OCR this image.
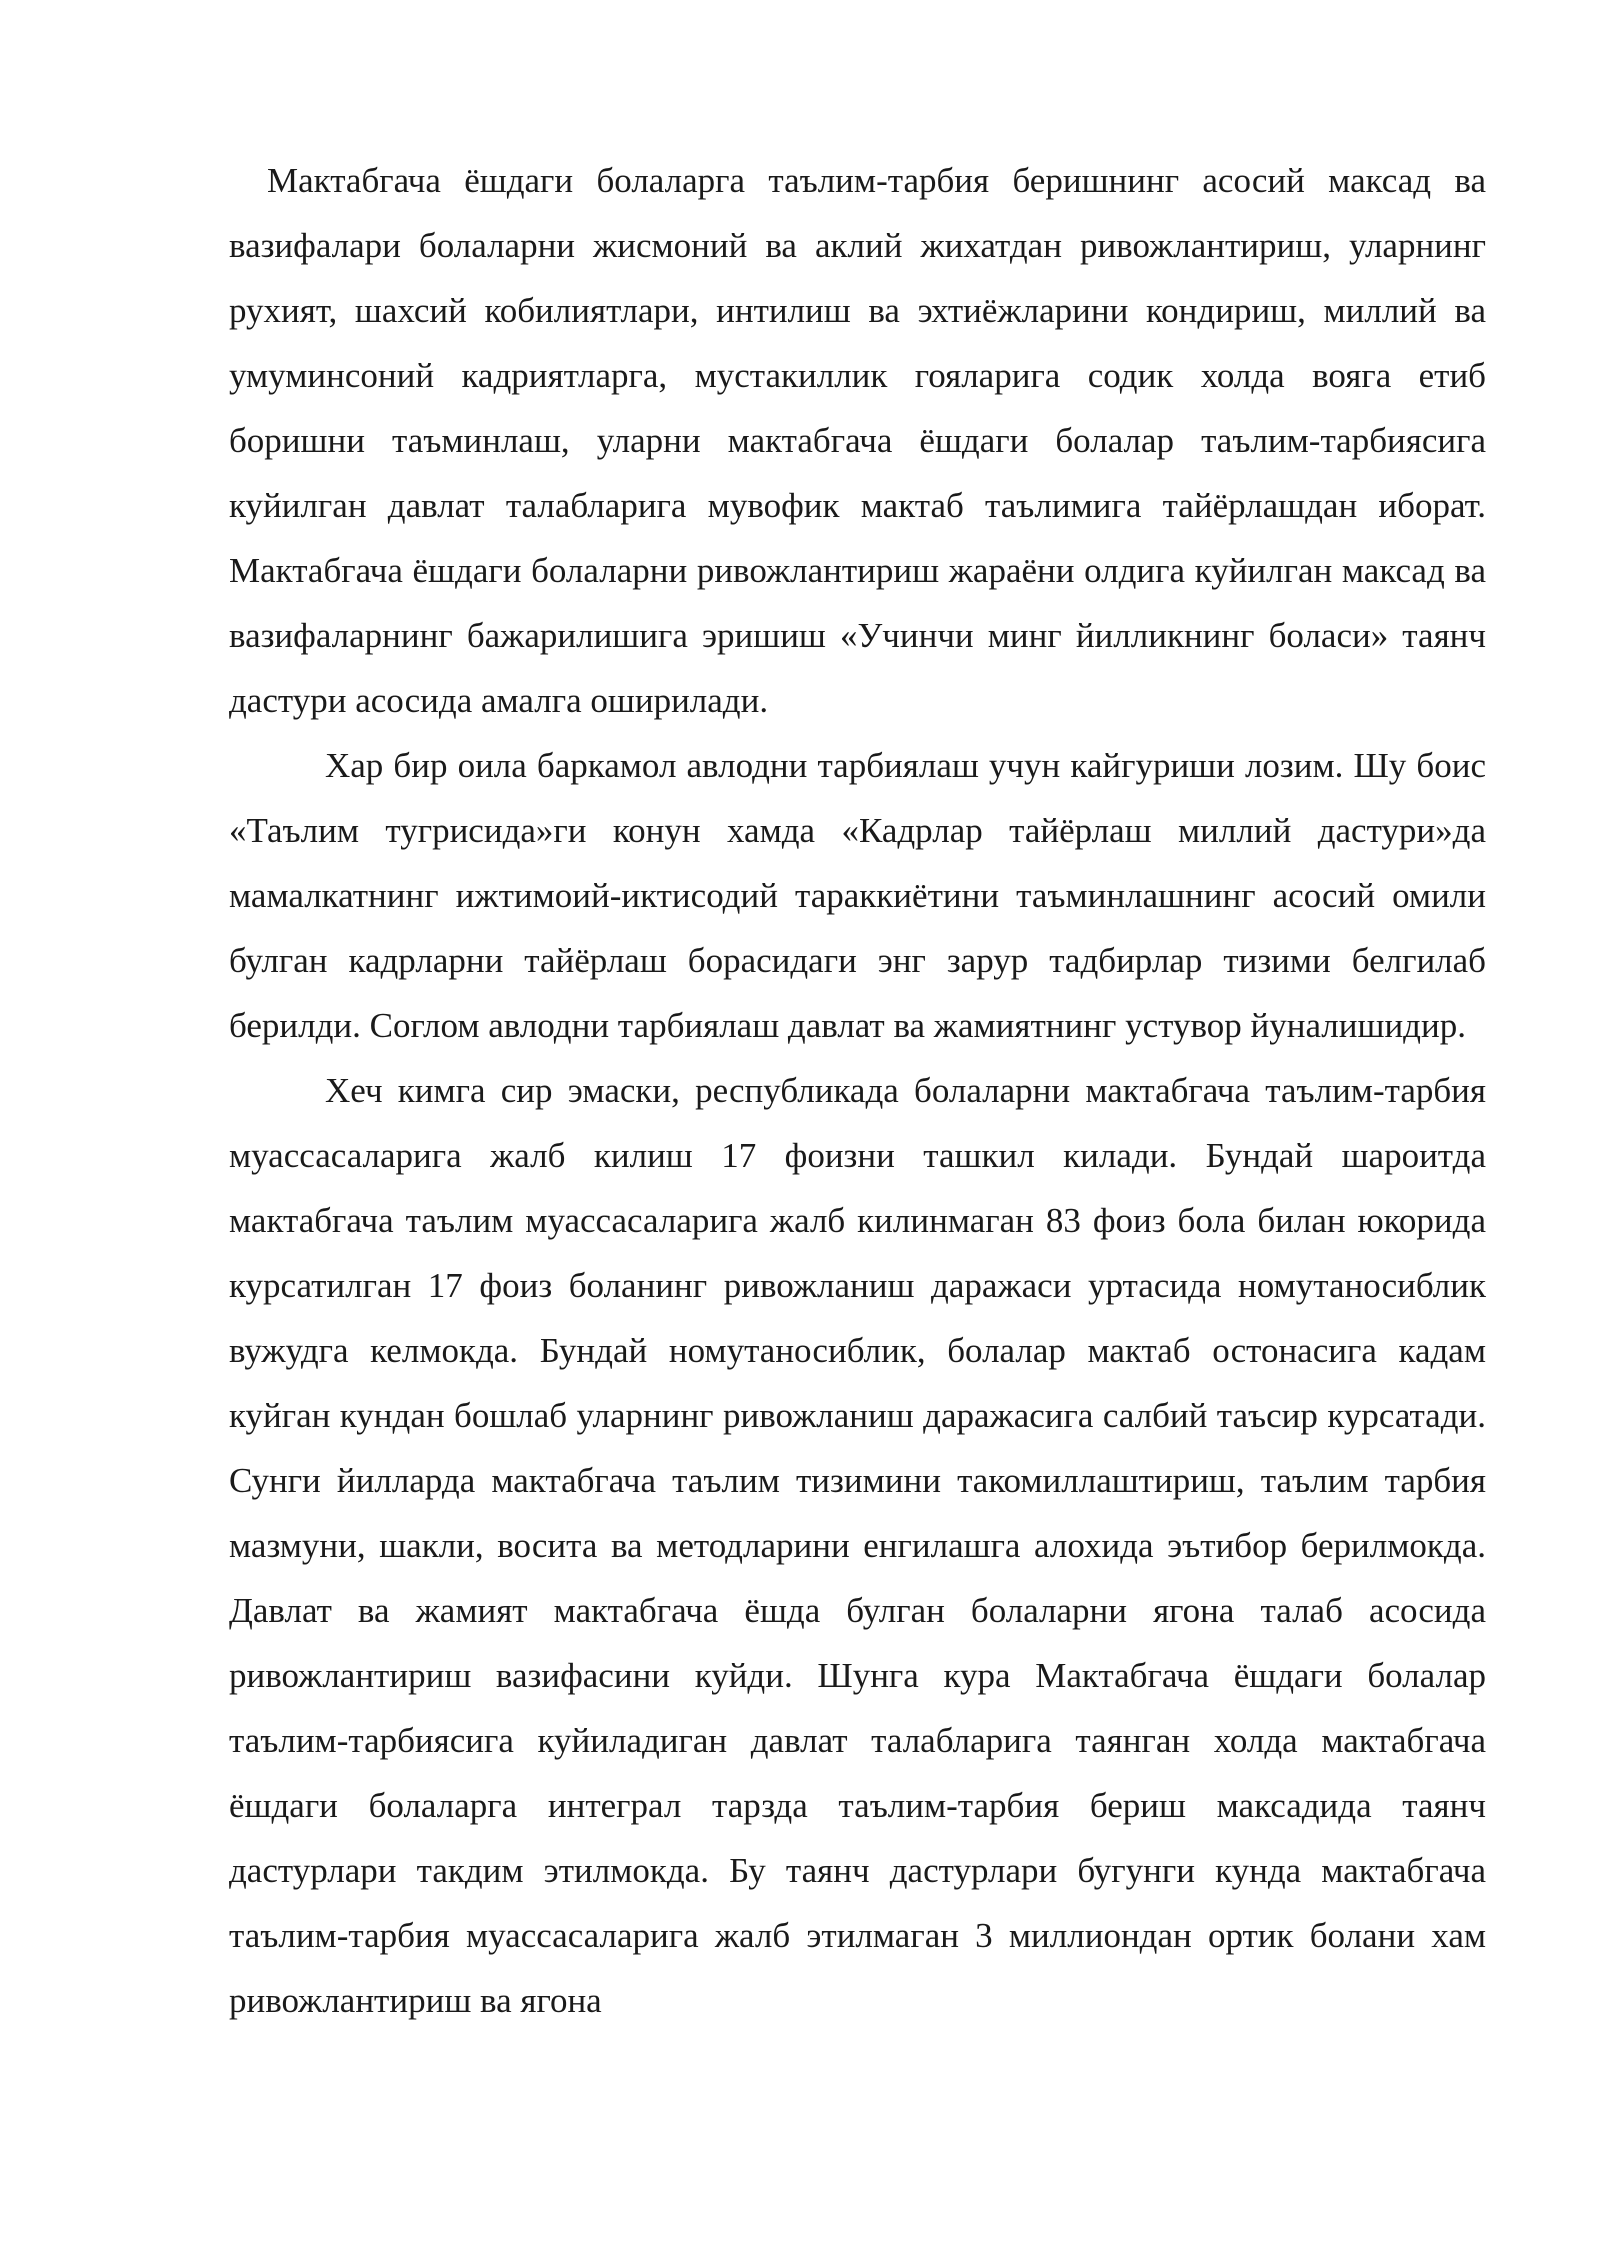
Мактабгача ёшдаги болаларга таълим-тарбия беришнинг асосий максад ва вазифалари болаларни жисмоний ва аклий жихатдан ривожлантириш, уларнинг рухият, шахсий кобилиятлари, интилиш ва эхтиёжларини кондириш, миллий ва умуминсоний кадриятларга, мустакиллик гояларига содик холда вояга етиб боришни таъминлаш, уларни мактабгача ёшдаги болалар таълим-тарбиясига куйилган давлат талабларига мувофик мактаб таълимига тайёрлашдан иборат. Мактабгача ёшдаги болаларни ривожлантириш жараёни олдига куйилган максад ва вазифаларнинг бажарилишига эришиш «Учинчи минг йилликнинг боласи» таянч дастури асосида амалга оширилади.

Хар бир оила баркамол авлодни тарбиялаш учун кайгуриши лозим. Шу боис «Таълим тугрисида»ги конун хамда «Кадрлар тайёрлаш миллий дастури»да мамалкатнинг ижтимоий-иктисодий тараккиётини таъминлашнинг асосий омили булган кадрларни тайёрлаш борасидаги энг зарур тадбирлар тизими белгилаб берилди. Соглом авлодни тарбиялаш давлат ва жамиятнинг устувор йуналишидир.

Хеч кимга сир эмаски, республикада болаларни мактабгача таълим-тарбия муассасаларига жалб килиш 17 фоизни ташкил килади. Бундай шароитда мактабгача таълим муассасаларига жалб килинмаган 83 фоиз бола билан юкорида курсатилган 17 фоиз боланинг ривожланиш даражаси уртасида номутаносиблик вужудга келмокда. Бундай номутаносиблик, болалар мактаб остонасига кадам куйган кундан бошлаб уларнинг ривожланиш даражасига салбий таъсир курсатади. Сунги йилларда мактабгача таълим тизимини такомиллаштириш, таълим тарбия мазмуни, шакли, восита ва методларини енгилашга алохида эътибор берилмокда. Давлат ва жамият мактабгача ёшда булган болаларни ягона талаб асосида ривожлантириш вазифасини куйди. Шунга кура Мактабгача ёшдаги болалар таълим-тарбиясига куйиладиган давлат талабларига таянган холда мактабгача ёшдаги болаларга интеграл тарзда таълим-тарбия бериш максадида таянч дастурлари такдим этилмокда. Бу таянч дастурлари бугунги кунда мактабгача таълим-тарбия муассасаларига жалб этилмаган 3 миллиондан ортик болани хам ривожлантириш ва ягона
